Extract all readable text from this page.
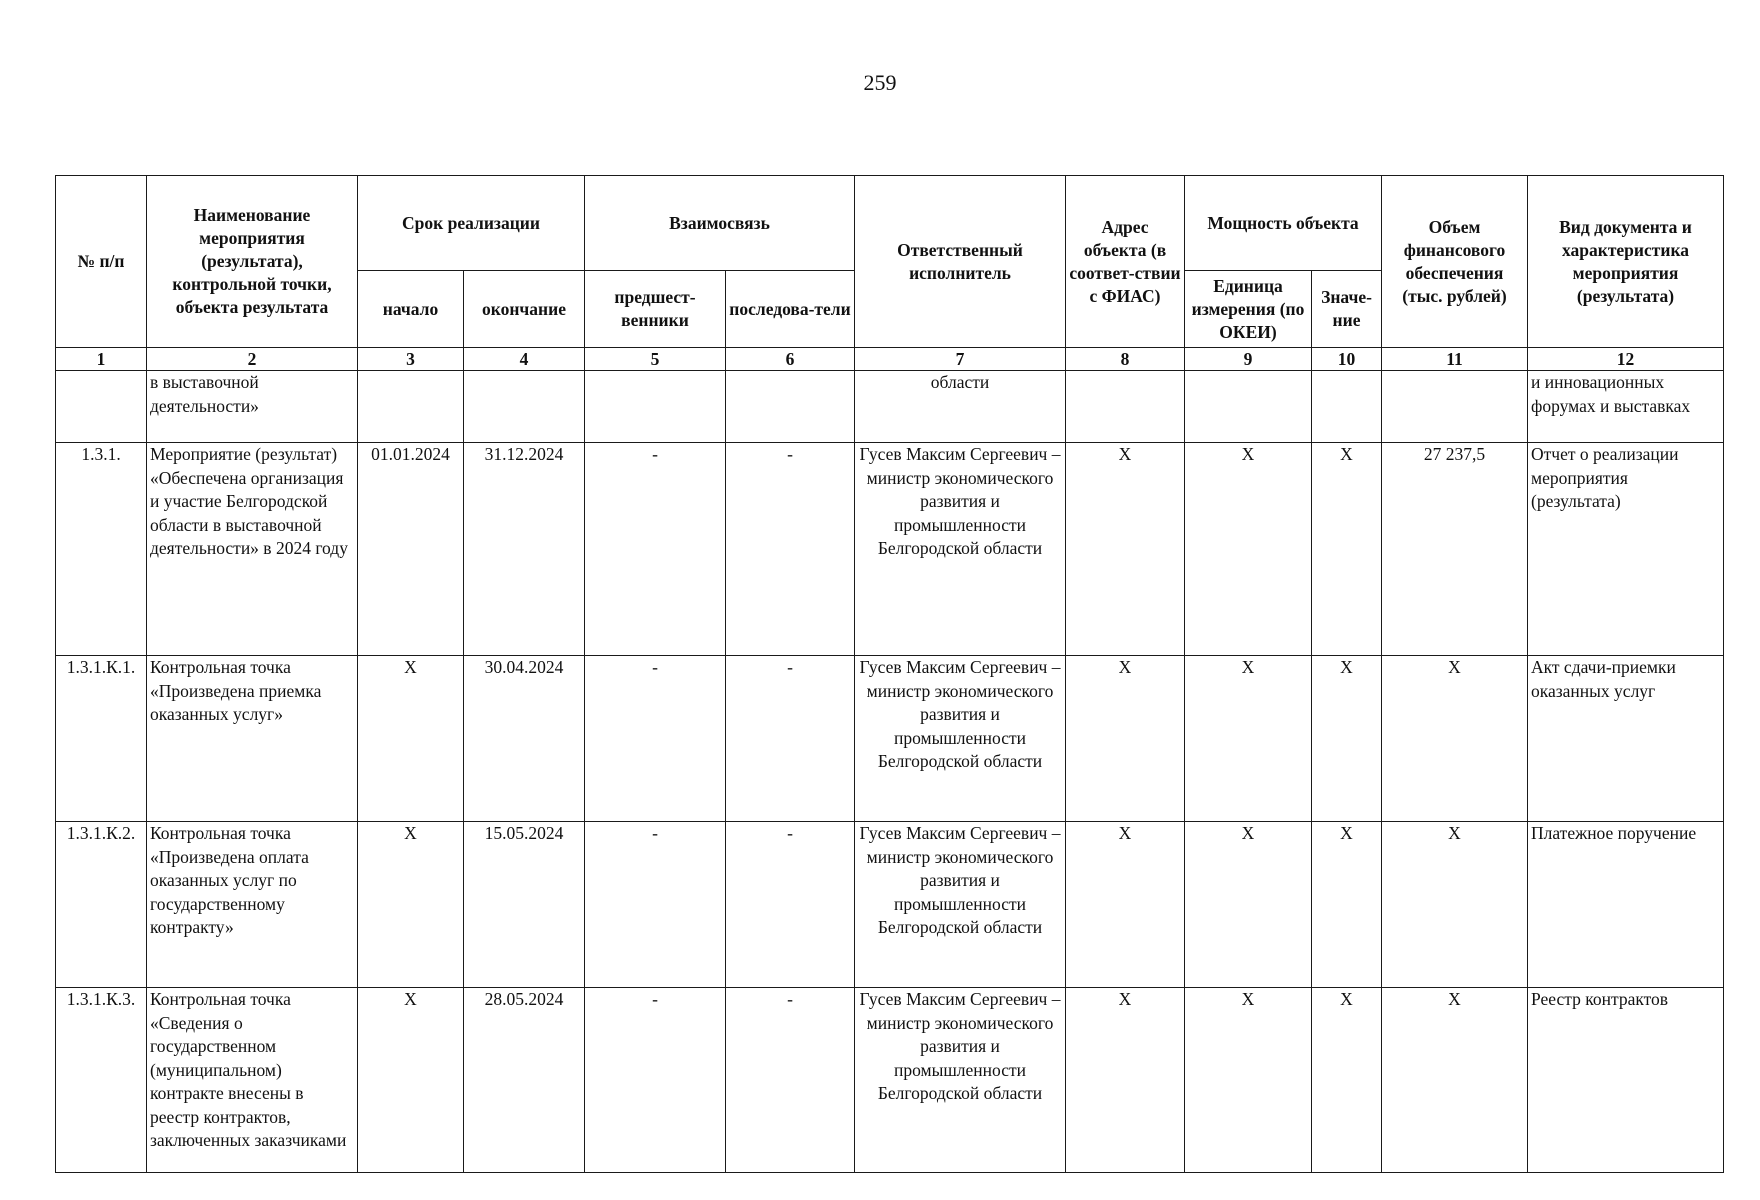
259
№ п/п	Наименование мероприятия (результата), контрольной точки, объекта результата	Срок реализации		Взаимосвязь		Ответственный исполнитель	Адрес объекта (в соответ-ствии с ФИАС)	Мощность объекта		Объем финансового обеспечения (тыс. рублей)	Вид документа и характеристика мероприятия (результата)
		начало	окончание	предшест-венники	последова-тели			Единица измерения (по ОКЕИ)	Значе-ние		
1	2	3	4	5	6	7	8	9	10	11	12
	в выставочной деятельности»					области					и инновационных форумах и выставках
1.3.1.	Мероприятие (результат) «Обеспечена организация и участие Белгородской области в выставочной деятельности» в 2024 году	01.01.2024	31.12.2024	-	-	Гусев Максим Сергеевич – министр экономического развития и промышленности Белгородской области	Х	Х	Х	27 237,5	Отчет о реализации мероприятия (результата)
1.3.1.К.1.	Контрольная точка «Произведена приемка оказанных услуг»	Х	30.04.2024	-	-	Гусев Максим Сергеевич – министр экономического развития и промышленности Белгородской области	Х	Х	Х	Х	Акт сдачи-приемки оказанных услуг
1.3.1.К.2.	Контрольная точка «Произведена оплата оказанных услуг по государственному контракту»	Х	15.05.2024	-	-	Гусев Максим Сергеевич – министр экономического развития и промышленности Белгородской области	Х	Х	Х	Х	Платежное поручение
1.3.1.К.3.	Контрольная точка «Сведения о государственном (муниципальном) контракте внесены в реестр контрактов, заключенных заказчиками	Х	28.05.2024	-	-	Гусев Максим Сергеевич – министр экономического развития и промышленности Белгородской области	Х	Х	Х	Х	Реестр контрактов
